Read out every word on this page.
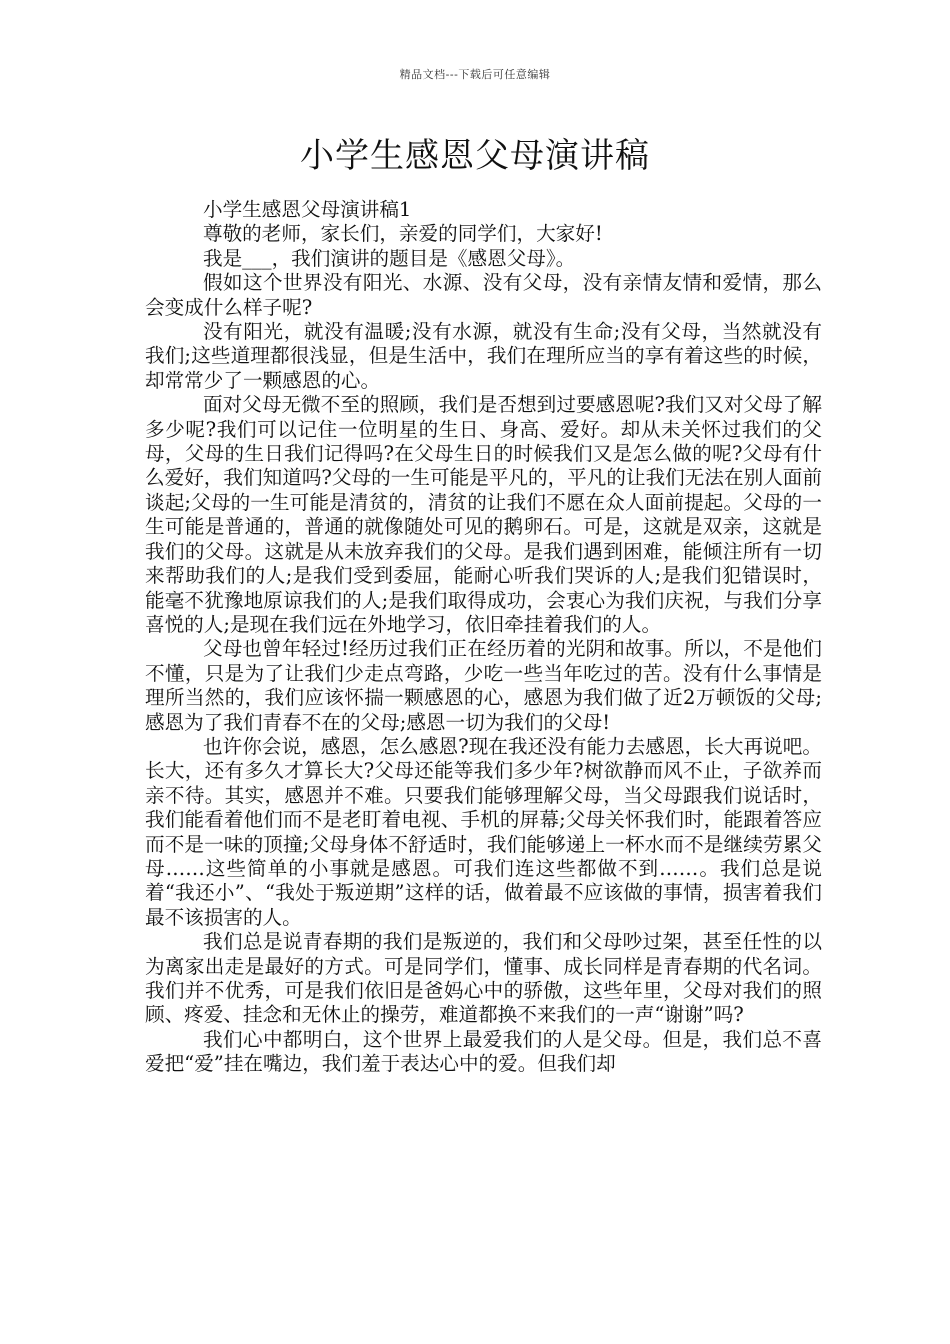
精品文档---下载后可任意编辑
小学生感恩父母演讲稿

小学生感恩父母演讲稿1

尊敬的老师，家长们，亲爱的同学们，大家好!

我是___，我们演讲的题目是《感恩父母》。

假如这个世界没有阳光、水源、没有父母，没有亲情友情和爱情，那么会变成什么样子呢?

没有阳光，就没有温暖;没有水源，就没有生命;没有父母，当然就没有我们;这些道理都很浅显，但是生活中，我们在理所应当的享有着这些的时候，却常常少了一颗感恩的心。

面对父母无微不至的照顾，我们是否想到过要感恩呢?我们又对父母了解多少呢?我们可以记住一位明星的生日、身高、爱好。却从未关怀过我们的父母，父母的生日我们记得吗?在父母生日的时候我们又是怎么做的呢?父母有什么爱好，我们知道吗?父母的一生可能是平凡的，平凡的让我们无法在别人面前谈起;父母的一生可能是清贫的，清贫的让我们不愿在众人面前提起。父母的一生可能是普通的，普通的就像随处可见的鹅卵石。可是，这就是双亲，这就是我们的父母。这就是从未放弃我们的父母。是我们遇到困难，能倾注所有一切来帮助我们的人;是我们受到委屈，能耐心听我们哭诉的人;是我们犯错误时，能毫不犹豫地原谅我们的人;是我们取得成功，会衷心为我们庆祝，与我们分享喜悦的人;是现在我们远在外地学习，依旧牵挂着我们的人。

父母也曾年轻过!经历过我们正在经历着的光阴和故事。所以，不是他们不懂，只是为了让我们少走点弯路，少吃一些当年吃过的苦。没有什么事情是理所当然的，我们应该怀揣一颗感恩的心，感恩为我们做了近2万顿饭的父母;感恩为了我们青春不在的父母;感恩一切为我们的父母!

也许你会说，感恩，怎么感恩?现在我还没有能力去感恩，长大再说吧。长大，还有多久才算长大?父母还能等我们多少年?树欲静而风不止，子欲养而亲不待。其实，感恩并不难。只要我们能够理解父母，当父母跟我们说话时，我们能看着他们而不是老盯着电视、手机的屏幕;父母关怀我们时，能跟着答应而不是一味的顶撞;父母身体不舒适时，我们能够递上一杯水而不是继续劳累父母……这些简单的小事就是感恩。可我们连这些都做不到……。我们总是说着“我还小”、“我处于叛逆期”这样的话，做着最不应该做的事情，损害着我们最不该损害的人。

我们总是说青春期的我们是叛逆的，我们和父母吵过架，甚至任性的以为离家出走是最好的方式。可是同学们，懂事、成长同样是青春期的代名词。我们并不优秀，可是我们依旧是爸妈心中的骄傲，这些年里，父母对我们的照顾、疼爱、挂念和无休止的操劳，难道都换不来我们的一声“谢谢”吗?

我们心中都明白，这个世界上最爱我们的人是父母。但是，我们总不喜爱把“爱”挂在嘴边，我们羞于表达心中的爱。但我们却
